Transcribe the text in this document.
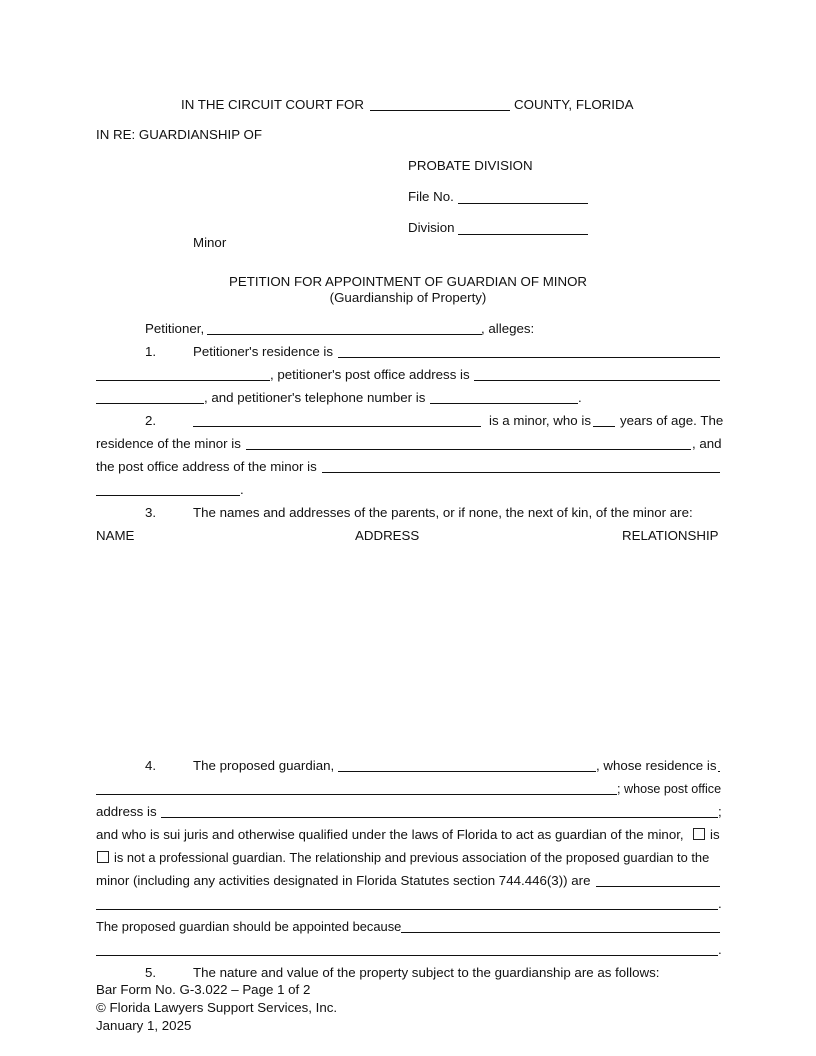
IN THE CIRCUIT COURT FOR	COUNTY, FLORIDA
IN RE: GUARDIANSHIP OF
PROBATE DIVISION
File No.
Division
Minor
PETITION FOR APPOINTMENT OF GUARDIAN OF MINOR
(Guardianship of Property)
Petitioner,	, alleges:
1.	Petitioner's residence is
, petitioner's post office address is
, and petitioner's telephone number is	.
2.	is a minor, who is years of age. The
residence of the minor is	, and
the post office address of the minor is
.
3.	The names and addresses of the parents, or if none, the next of kin, of the minor are:
NAME	ADDRESS	RELATIONSHIP
4.	The proposed guardian,	, whose residence is
; whose post office
address is	;
and who is sui juris and otherwise qualified under the laws of Florida to act as guardian of the minor, is
is not a professional guardian. The relationship and previous association of the proposed guardian to the
minor (including any activities designated in Florida Statutes section 744.446(3)) are
.
The proposed guardian should be appointed because
.
5.	The nature and value of the property subject to the guardianship are as follows:
Bar Form No. G-3.022 – Page 1 of 2
© Florida Lawyers Support Services, Inc.
January 1, 2025
